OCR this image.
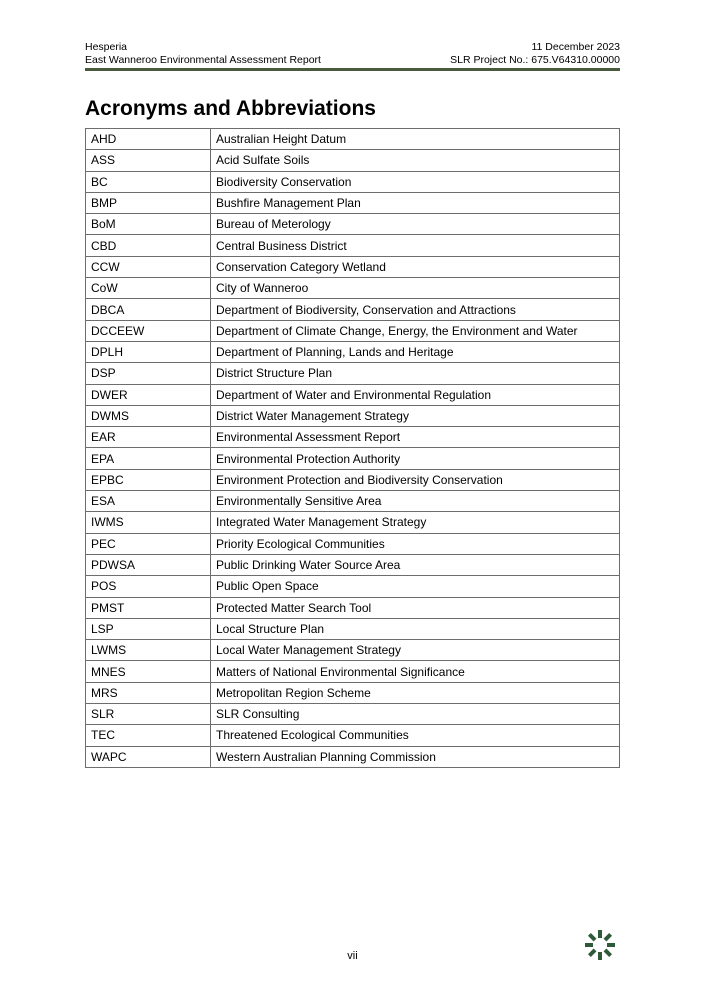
Hesperia
East Wanneroo Environmental Assessment Report
11 December 2023
SLR Project No.: 675.V64310.00000
Acronyms and Abbreviations
AHD	Australian Height Datum
ASS	Acid Sulfate Soils
BC	Biodiversity Conservation
BMP	Bushfire Management Plan
BoM	Bureau of Meterology
CBD	Central Business District
CCW	Conservation Category Wetland
CoW	City of Wanneroo
DBCA	Department of Biodiversity, Conservation and Attractions
DCCEEW	Department of Climate Change, Energy, the Environment and Water
DPLH	Department of Planning, Lands and Heritage
DSP	District Structure Plan
DWER	Department of Water and Environmental Regulation
DWMS	District Water Management Strategy
EAR	Environmental Assessment Report
EPA	Environmental Protection Authority
EPBC	Environment Protection and Biodiversity Conservation
ESA	Environmentally Sensitive Area
IWMS	Integrated Water Management Strategy
PEC	Priority Ecological Communities
PDWSA	Public Drinking Water Source Area
POS	Public Open Space
PMST	Protected Matter Search Tool
LSP	Local Structure Plan
LWMS	Local Water Management Strategy
MNES	Matters of National Environmental Significance
MRS	Metropolitan Region Scheme
SLR	SLR Consulting
TEC	Threatened Ecological Communities
WAPC	Western Australian Planning Commission
vii
